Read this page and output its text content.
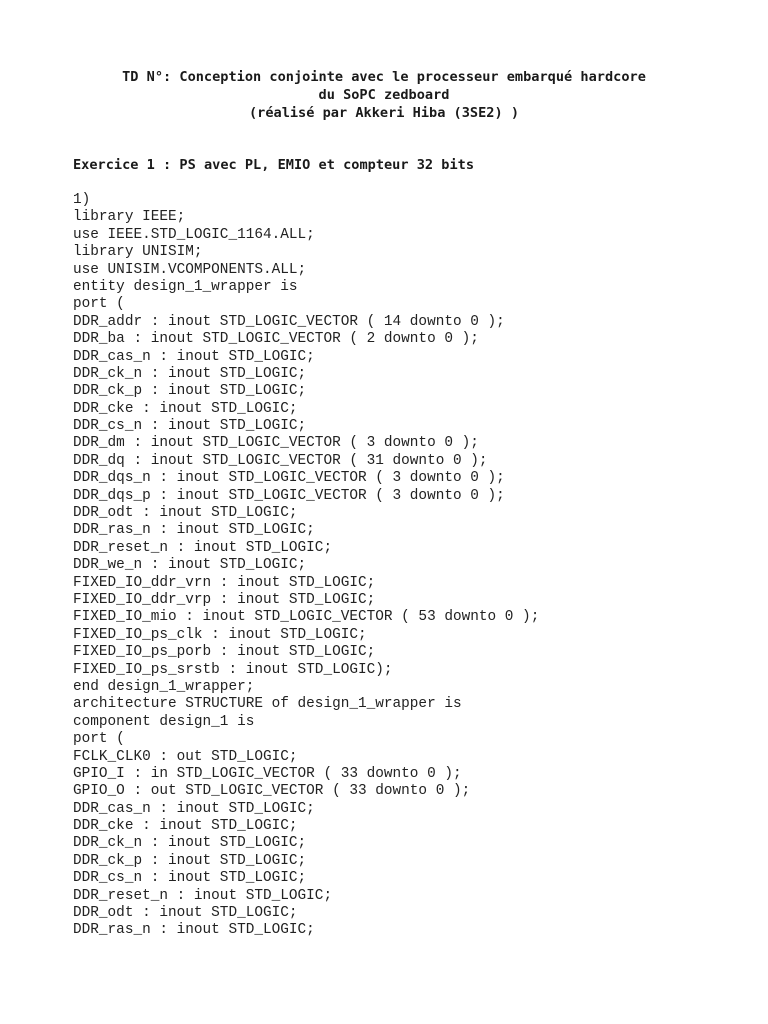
TD N°: Conception conjointe avec le processeur embarqué hardcore
du SoPC zedboard
(réalisé par Akkeri Hiba (3SE2) )
Exercice 1 : PS avec PL, EMIO et compteur 32 bits
1)
library IEEE;
use IEEE.STD_LOGIC_1164.ALL;
library UNISIM;
use UNISIM.VCOMPONENTS.ALL;
entity design_1_wrapper is
port (
DDR_addr : inout STD_LOGIC_VECTOR ( 14 downto 0 );
DDR_ba : inout STD_LOGIC_VECTOR ( 2 downto 0 );
DDR_cas_n : inout STD_LOGIC;
DDR_ck_n : inout STD_LOGIC;
DDR_ck_p : inout STD_LOGIC;
DDR_cke : inout STD_LOGIC;
DDR_cs_n : inout STD_LOGIC;
DDR_dm : inout STD_LOGIC_VECTOR ( 3 downto 0 );
DDR_dq : inout STD_LOGIC_VECTOR ( 31 downto 0 );
DDR_dqs_n : inout STD_LOGIC_VECTOR ( 3 downto 0 );
DDR_dqs_p : inout STD_LOGIC_VECTOR ( 3 downto 0 );
DDR_odt : inout STD_LOGIC;
DDR_ras_n : inout STD_LOGIC;
DDR_reset_n : inout STD_LOGIC;
DDR_we_n : inout STD_LOGIC;
FIXED_IO_ddr_vrn : inout STD_LOGIC;
FIXED_IO_ddr_vrp : inout STD_LOGIC;
FIXED_IO_mio : inout STD_LOGIC_VECTOR ( 53 downto 0 );
FIXED_IO_ps_clk : inout STD_LOGIC;
FIXED_IO_ps_porb : inout STD_LOGIC;
FIXED_IO_ps_srstb : inout STD_LOGIC);
end design_1_wrapper;
architecture STRUCTURE of design_1_wrapper is
component design_1 is
port (
FCLK_CLK0 : out STD_LOGIC;
GPIO_I : in STD_LOGIC_VECTOR ( 33 downto 0 );
GPIO_O : out STD_LOGIC_VECTOR ( 33 downto 0 );
DDR_cas_n : inout STD_LOGIC;
DDR_cke : inout STD_LOGIC;
DDR_ck_n : inout STD_LOGIC;
DDR_ck_p : inout STD_LOGIC;
DDR_cs_n : inout STD_LOGIC;
DDR_reset_n : inout STD_LOGIC;
DDR_odt : inout STD_LOGIC;
DDR_ras_n : inout STD_LOGIC;
